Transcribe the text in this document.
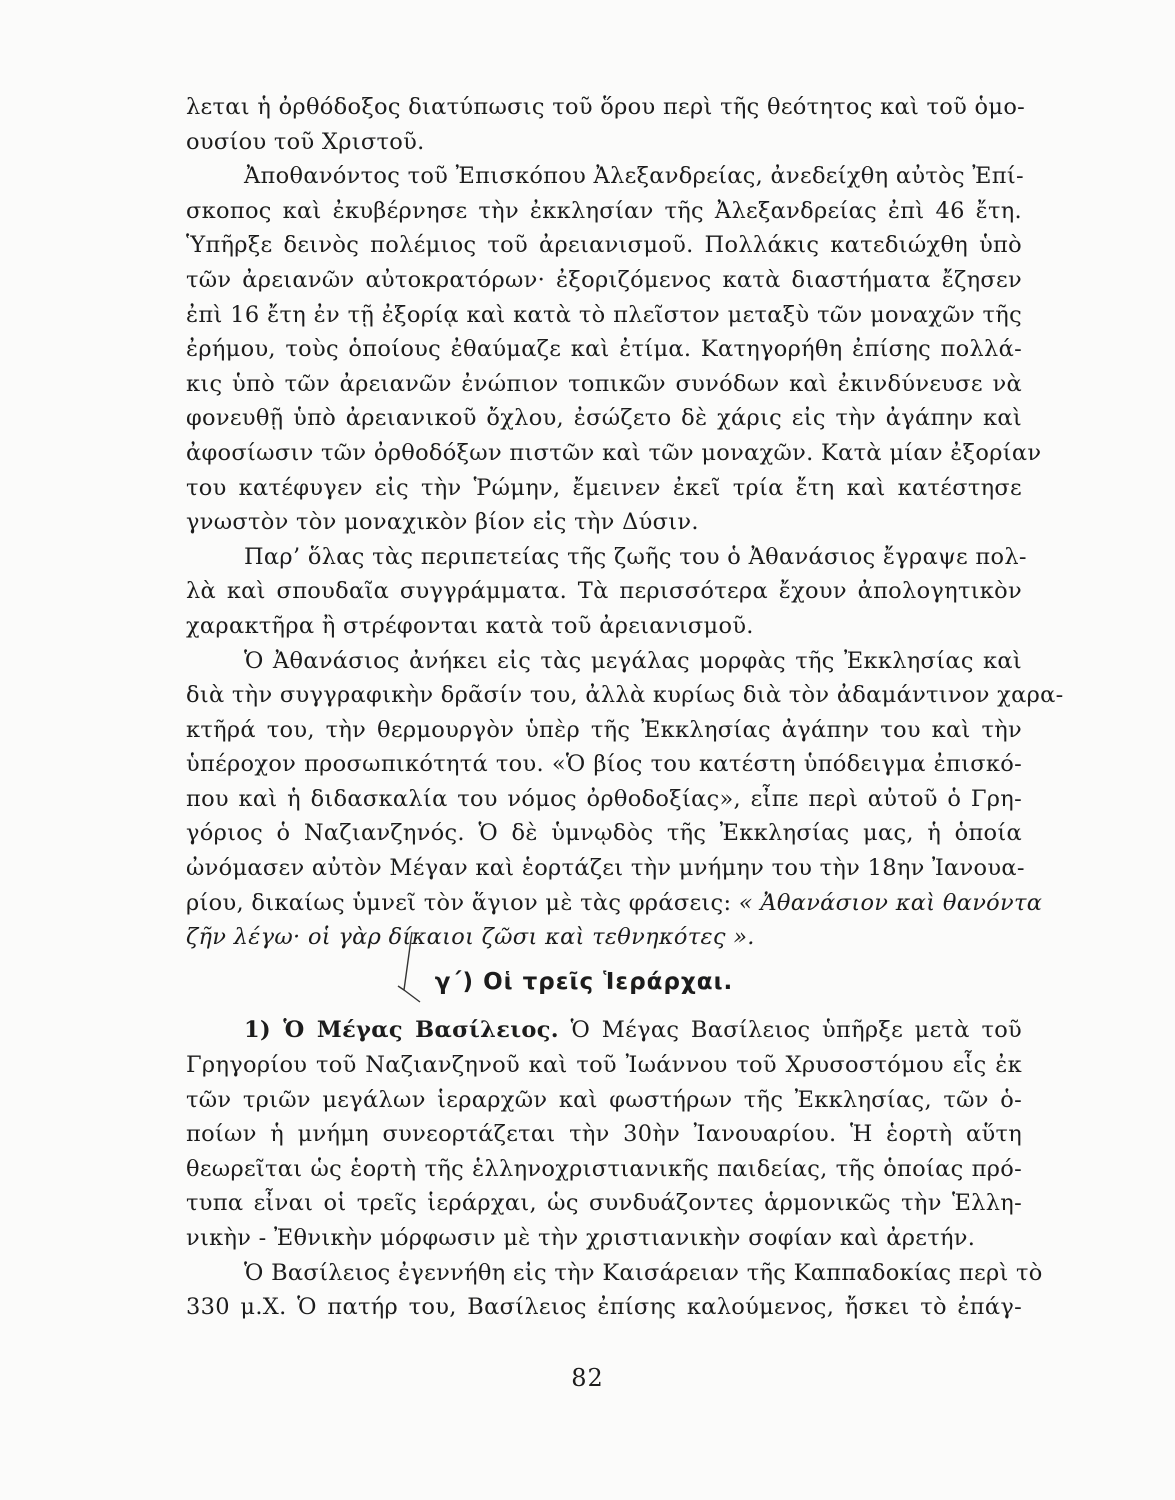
λεται ἡ ὀρθόδοξος διατύπωσις τοῦ ὅρου περὶ τῆς θεότητος καὶ τοῦ ὁμο-
ουσίου τοῦ Χριστοῦ.
Ἀποθανόντος τοῦ Ἐπισκόπου Ἀλεξανδρείας, ἀνεδείχθη αὐτὸς Ἐπί-
σκοπος καὶ ἐκυβέρνησε τὴν ἐκκλησίαν τῆς Ἀλεξανδρείας ἐπὶ 46 ἔτη.
Ὑπῆρξε δεινὸς πολέμιος τοῦ ἀρειανισμοῦ. Πολλάκις κατεδιώχθη ὑπὸ
τῶν ἀρειανῶν αὐτοκρατόρων· ἐξοριζόμενος κατὰ διαστήματα ἔζησεν
ἐπὶ 16 ἔτη ἐν τῇ ἐξορίᾳ καὶ κατὰ τὸ πλεῖστον μεταξὺ τῶν μοναχῶν τῆς
ἐρήμου, τοὺς ὁποίους ἐθαύμαζε καὶ ἐτίμα. Κατηγορήθη ἐπίσης πολλά-
κις ὑπὸ τῶν ἀρειανῶν ἐνώπιον τοπικῶν συνόδων καὶ ἐκινδύνευσε νὰ
φονευθῇ ὑπὸ ἀρειανικοῦ ὄχλου, ἐσώζετο δὲ χάρις εἰς τὴν ἀγάπην καὶ
ἀφοσίωσιν τῶν ὀρθοδόξων πιστῶν καὶ τῶν μοναχῶν. Κατὰ μίαν ἐξορίαν
του κατέφυγεν εἰς τὴν Ῥώμην, ἔμεινεν ἐκεῖ τρία ἔτη καὶ κατέστησε
γνωστὸν τὸν μοναχικὸν βίον εἰς τὴν Δύσιν.
Παρ’ ὅλας τὰς περιπετείας τῆς ζωῆς του ὁ Ἀθανάσιος ἔγραψε πολ-
λὰ καὶ σπουδαῖα συγγράμματα. Τὰ περισσότερα ἔχουν ἀπολογητικὸν
χαρακτῆρα ἢ στρέφονται κατὰ τοῦ ἀρειανισμοῦ.
Ὁ Ἀθανάσιος ἀνήκει εἰς τὰς μεγάλας μορφὰς τῆς Ἐκκλησίας καὶ
διὰ τὴν συγγραφικὴν δρᾶσίν του, ἀλλὰ κυρίως διὰ τὸν ἀδαμάντινον χαρα-
κτῆρά του, τὴν θερμουργὸν ὑπὲρ τῆς Ἐκκλησίας ἀγάπην του καὶ τὴν
ὑπέροχον προσωπικότητά του. «Ὁ βίος του κατέστη ὑπόδειγμα ἐπισκό-
που καὶ ἡ διδασκαλία του νόμος ὀρθοδοξίας», εἶπε περὶ αὐτοῦ ὁ Γρη-
γόριος ὁ Ναζιανζηνός. Ὁ δὲ ὑμνῳδὸς τῆς Ἐκκλησίας μας, ἡ ὁποία
ὠνόμασεν αὐτὸν Μέγαν καὶ ἑορτάζει τὴν μνήμην του τὴν 18ην Ἰανουα-
ρίου, δικαίως ὑμνεῖ τὸν ἅγιον μὲ τὰς φράσεις: « Ἀθανάσιον καὶ θανόντα
ζῆν λέγω· οἱ γὰρ δίκαιοι ζῶσι καὶ τεθνηκότες ».
γ΄) Οἱ τρεῖς Ἱεράρχαι.
1) Ὁ Μέγας Βασίλειος. Ὁ Μέγας Βασίλειος ὑπῆρξε μετὰ τοῦ
Γρηγορίου τοῦ Ναζιανζηνοῦ καὶ τοῦ Ἰωάννου τοῦ Χρυσοστόμου εἷς ἐκ
τῶν τριῶν μεγάλων ἱεραρχῶν καὶ φωστήρων τῆς Ἐκκλησίας, τῶν ὁ-
ποίων ἡ μνήμη συνεορτάζεται τὴν 30ὴν Ἰανουαρίου. Ἡ ἑορτὴ αὕτη
θεωρεῖται ὡς ἑορτὴ τῆς ἑλληνοχριστιανικῆς παιδείας, τῆς ὁποίας πρό-
τυπα εἶναι οἱ τρεῖς ἱεράρχαι, ὡς συνδυάζοντες ἁρμονικῶς τὴν Ἑλλη-
νικὴν - Ἐθνικὴν μόρφωσιν μὲ τὴν χριστιανικὴν σοφίαν καὶ ἀρετήν.
Ὁ Βασίλειος ἐγεννήθη εἰς τὴν Καισάρειαν τῆς Καππαδοκίας περὶ τὸ
330 μ.Χ. Ὁ πατήρ του, Βασίλειος ἐπίσης καλούμενος, ἤσκει τὸ ἐπάγ-
82
